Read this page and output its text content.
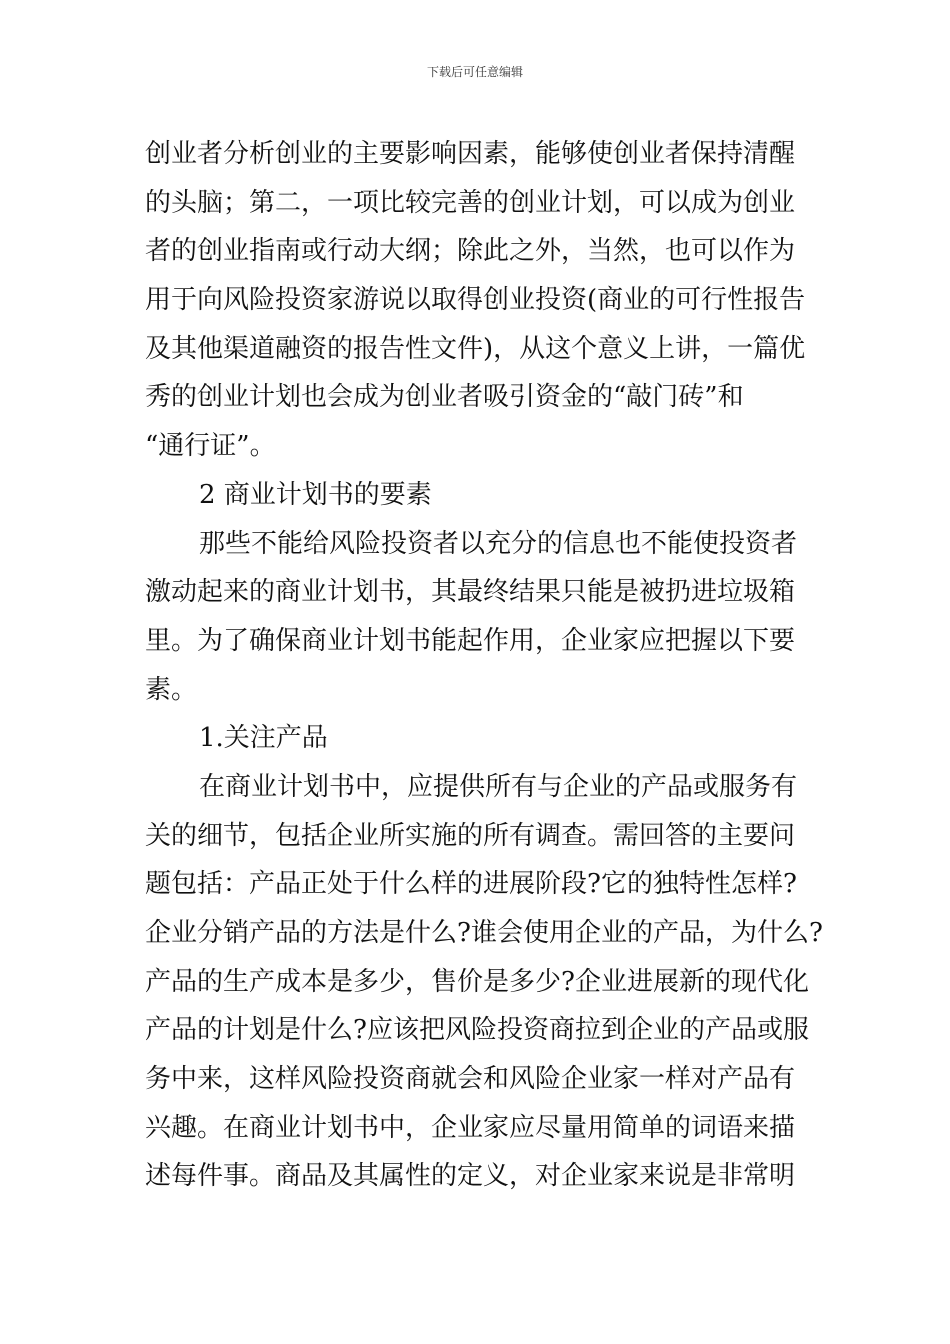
下载后可任意编辑
创业者分析创业的主要影响因素，能够使创业者保持清醒
的头脑；第二，一项比较完善的创业计划，可以成为创业
者的创业指南或行动大纲；除此之外，当然，也可以作为
用于向风险投资家游说以取得创业投资(商业的可行性报告
及其他渠道融资的报告性文件)，从这个意义上讲，一篇优
秀的创业计划也会成为创业者吸引资金的“敲门砖”和
“通行证”。
2 商业计划书的要素
那些不能给风险投资者以充分的信息也不能使投资者
激动起来的商业计划书，其最终结果只能是被扔进垃圾箱
里。为了确保商业计划书能起作用，企业家应把握以下要
素。
1.关注产品
在商业计划书中，应提供所有与企业的产品或服务有
关的细节，包括企业所实施的所有调查。需回答的主要问
题包括：产品正处于什么样的进展阶段?它的独特性怎样?
企业分销产品的方法是什么?谁会使用企业的产品，为什么?
产品的生产成本是多少，售价是多少?企业进展新的现代化
产品的计划是什么?应该把风险投资商拉到企业的产品或服
务中来，这样风险投资商就会和风险企业家一样对产品有
兴趣。在商业计划书中，企业家应尽量用简单的词语来描
述每件事。商品及其属性的定义，对企业家来说是非常明
